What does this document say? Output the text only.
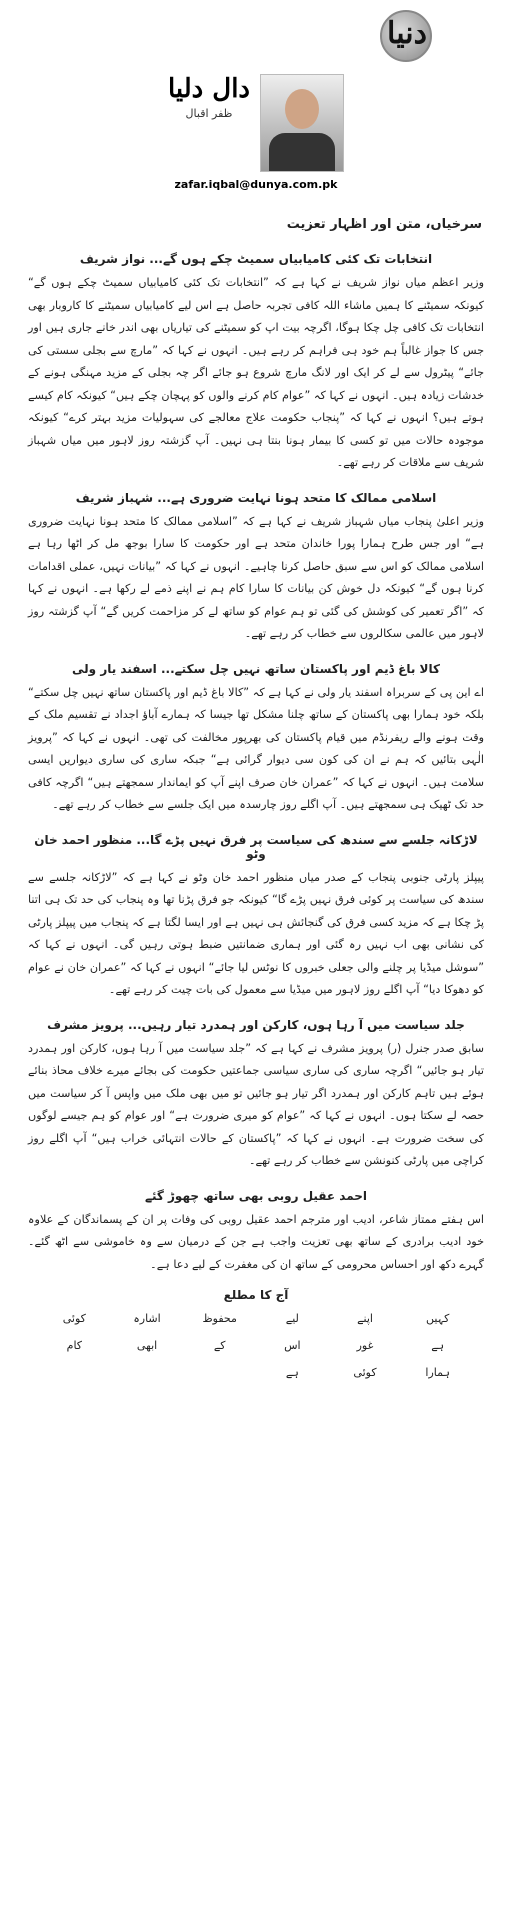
دنیا
دال دلیا
ظفر اقبال
zafar.iqbal@dunya.com.pk
سرخیاں، متن اور اظہار تعزیت
انتخابات تک کئی کامیابیاں سمیٹ چکے ہوں گے... نواز شریف

وزیر اعظم میاں نواز شریف نے کہا ہے کہ ”انتخابات تک کئی کامیابیاں سمیٹ چکے ہوں گے“ کیونکہ سمیٹنے کا ہمیں ماشاء اللہ کافی تجربہ حاصل ہے اس لیے کامیابیاں سمیٹنے کا کاروبار بھی انتخابات تک کافی چل چکا ہوگا، اگرچہ بیت اپ کو سمیٹنے کی تیاریاں بھی اندر خانے جاری ہیں اور جس کا جواز غالباً ہم خود ہی فراہم کر رہے ہیں۔ انہوں نے کہا کہ ”مارچ سے بجلی سستی کی جائے“ پیٹرول سے لے کر ایک اور لانگ مارچ شروع ہو جائے اگر چہ بجلی کے مزید مہنگی ہونے کے خدشات زیادہ ہیں۔ انہوں نے کہا کہ ”عوام کام کرنے والوں کو پہچان چکے ہیں“ کیونکہ کام کیسے ہوتے ہیں؟ انہوں نے کہا کہ ”پنجاب حکومت علاج معالجے کی سہولیات مزید بہتر کرے“ کیونکہ موجودہ حالات میں تو کسی کا بیمار ہونا بنتا ہی نہیں۔ آپ گزشتہ روز لاہور میں میاں شہباز شریف سے ملاقات کر رہے تھے۔

اسلامی ممالک کا متحد ہونا نہایت ضروری ہے... شہباز شریف

وزیر اعلیٰ پنجاب میاں شہباز شریف نے کہا ہے کہ ”اسلامی ممالک کا متحد ہونا نہایت ضروری ہے“ اور جس طرح ہمارا پورا خاندان متحد ہے اور حکومت کا سارا بوجھ مل کر اٹھا رہا ہے اسلامی ممالک کو اس سے سبق حاصل کرنا چاہیے۔ انہوں نے کہا کہ ”بیانات نہیں، عملی اقدامات کرنا ہوں گے“ کیونکہ دل خوش کن بیانات کا سارا کام ہم نے اپنے ذمے لے رکھا ہے۔ انہوں نے کہا کہ ”اگر تعمیر کی کوشش کی گئی تو ہم عوام کو ساتھ لے کر مزاحمت کریں گے“ آپ گزشتہ روز لاہور میں عالمی سکالروں سے خطاب کر رہے تھے۔

کالا باغ ڈیم اور پاکستان ساتھ نہیں چل سکتے... اسفند یار ولی

اے این پی کے سربراہ اسفند یار ولی نے کہا ہے کہ ”کالا باغ ڈیم اور پاکستان ساتھ نہیں چل سکتے“ بلکہ خود ہمارا بھی پاکستان کے ساتھ چلنا مشکل تھا جیسا کہ ہمارے آباؤ اجداد نے تقسیم ملک کے وقت ہونے والے ریفرنڈم میں قیام پاکستان کی بھرپور مخالفت کی تھی۔ انہوں نے کہا کہ ”پرویز الٰہی بتائیں کہ ہم نے ان کی کون سی دیوار گرائی ہے“ جبکہ ساری کی ساری دیواریں ایسی سلامت ہیں۔ انہوں نے کہا کہ ”عمران خان صرف اپنے آپ کو ایماندار سمجھتے ہیں“ اگرچہ کافی حد تک ٹھیک ہی سمجھتے ہیں۔ آپ اگلے روز چارسدہ میں ایک جلسے سے خطاب کر رہے تھے۔

لاڑکانہ جلسے سے سندھ کی سیاست پر فرق نہیں پڑے گا... منظور احمد خان وٹو

پیپلز پارٹی جنوبی پنجاب کے صدر میاں منظور احمد خان وٹو نے کہا ہے کہ ”لاڑکانہ جلسے سے سندھ کی سیاست پر کوئی فرق نہیں پڑے گا“ کیونکہ جو فرق پڑنا تھا وہ پنجاب کی حد تک ہی اتنا پڑ چکا ہے کہ مزید کسی فرق کی گنجائش ہی نہیں ہے اور ایسا لگتا ہے کہ پنجاب میں پیپلز پارٹی کی نشانی بھی اب نہیں رہ گئی اور ہماری ضمانتیں ضبط ہوتی رہیں گی۔ انہوں نے کہا کہ ”سوشل میڈیا پر چلنے والی جعلی خبروں کا نوٹس لیا جائے“ انہوں نے کہا کہ ”عمران خان نے عوام کو دھوکا دیا“ آپ اگلے روز لاہور میں میڈیا سے معمول کی بات چیت کر رہے تھے۔

جلد سیاست میں آ رہا ہوں، کارکن اور ہمدرد تیار رہیں... پرویز مشرف

سابق صدر جنرل (ر) پرویز مشرف نے کہا ہے کہ ”جلد سیاست میں آ رہا ہوں، کارکن اور ہمدرد تیار ہو جائیں“ اگرچہ ساری کی ساری سیاسی جماعتیں حکومت کی بجائے میرے خلاف محاذ بنائے ہوئے ہیں تاہم کارکن اور ہمدرد اگر تیار ہو جائیں تو میں بھی ملک میں واپس آ کر سیاست میں حصہ لے سکتا ہوں۔ انہوں نے کہا کہ ”عوام کو میری ضرورت ہے“ اور عوام کو ہم جیسے لوگوں کی سخت ضرورت ہے۔ انہوں نے کہا کہ ”پاکستان کے حالات انتہائی خراب ہیں“ آپ اگلے روز کراچی میں پارٹی کنونشن سے خطاب کر رہے تھے۔

احمد عقیل روبی بھی ساتھ چھوڑ گئے

اس ہفتے ممتاز شاعر، ادیب اور مترجم احمد عقیل روبی کی وفات پر ان کے پسماندگان کے علاوہ خود ادیب برادری کے ساتھ بھی تعزیت واجب ہے جن کے درمیان سے وہ خاموشی سے اٹھ گئے۔ گہرے دکھ اور احساس محرومی کے ساتھ ان کی مغفرت کے لیے دعا ہے۔

آج کا مطلع
کہیں
اپنے
لیے
محفوظ
اشارہ
کوئی
ہے
غور
اس
کے
ابھی
کام
ہمارا
کوئی
ہے
